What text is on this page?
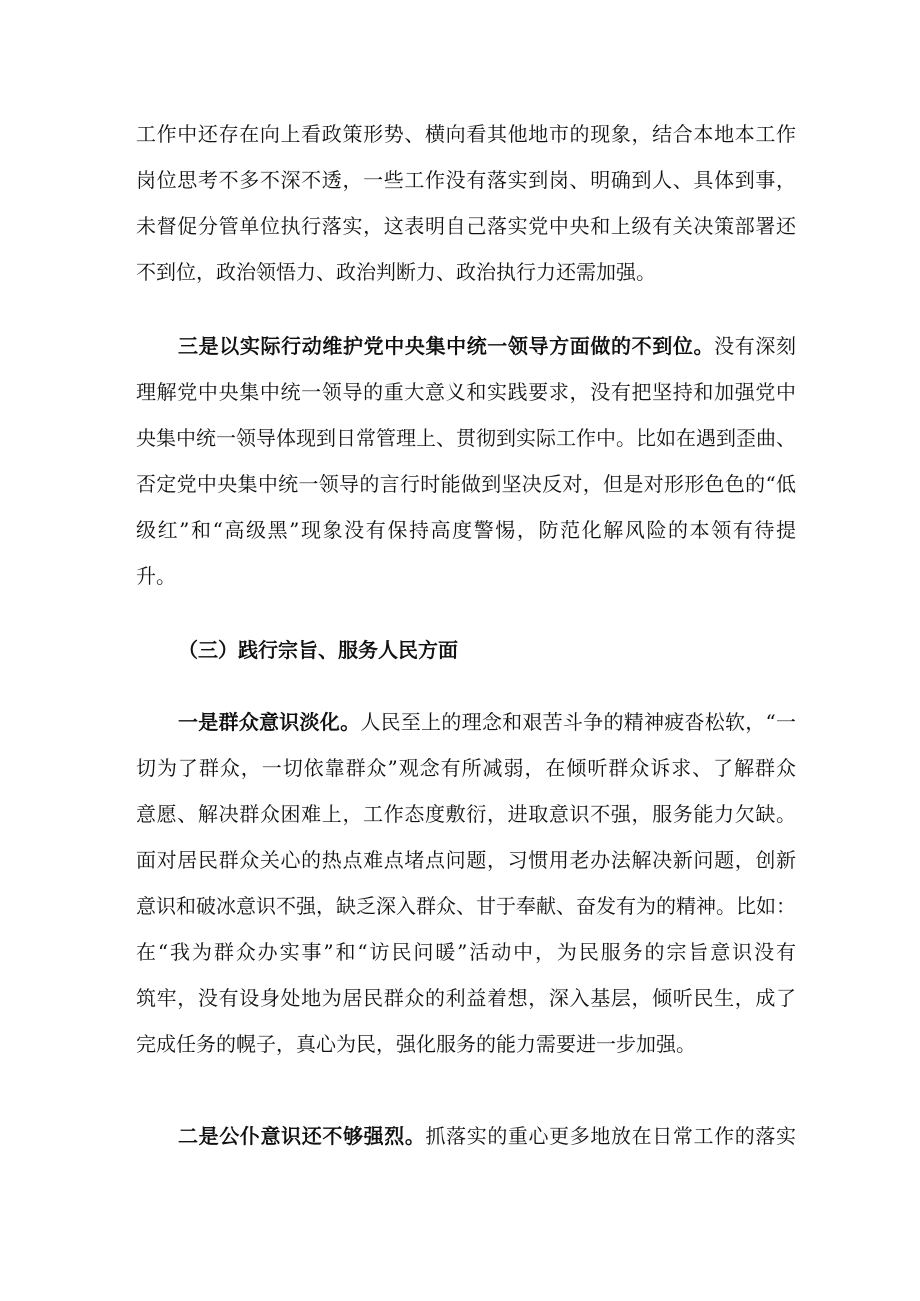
工作中还存在向上看政策形势、横向看其他地市的现象，结合本地本工作
岗位思考不多不深不透，一些工作没有落实到岗、明确到人、具体到事，
未督促分管单位执行落实，这表明自己落实党中央和上级有关决策部署还
不到位，政治领悟力、政治判断力、政治执行力还需加强。
三是以实际行动维护党中央集中统一领导方面做的不到位。没有深刻
理解党中央集中统一领导的重大意义和实践要求，没有把坚持和加强党中
央集中统一领导体现到日常管理上、贯彻到实际工作中。比如在遇到歪曲、
否定党中央集中统一领导的言行时能做到坚决反对，但是对形形色色的“低
级红”和“高级黑”现象没有保持高度警惕，防范化解风险的本领有待提
升。
（三）践行宗旨、服务人民方面
一是群众意识淡化。人民至上的理念和艰苦斗争的精神疲沓松软，“一
切为了群众，一切依靠群众”观念有所减弱，在倾听群众诉求、了解群众
意愿、解决群众困难上，工作态度敷衍，进取意识不强，服务能力欠缺。
面对居民群众关心的热点难点堵点问题，习惯用老办法解决新问题，创新
意识和破冰意识不强，缺乏深入群众、甘于奉献、奋发有为的精神。比如：
在“我为群众办实事”和“访民问暖”活动中，为民服务的宗旨意识没有
筑牢，没有设身处地为居民群众的利益着想，深入基层，倾听民生，成了
完成任务的幌子，真心为民，强化服务的能力需要进一步加强。
二是公仆意识还不够强烈。抓落实的重心更多地放在日常工作的落实
